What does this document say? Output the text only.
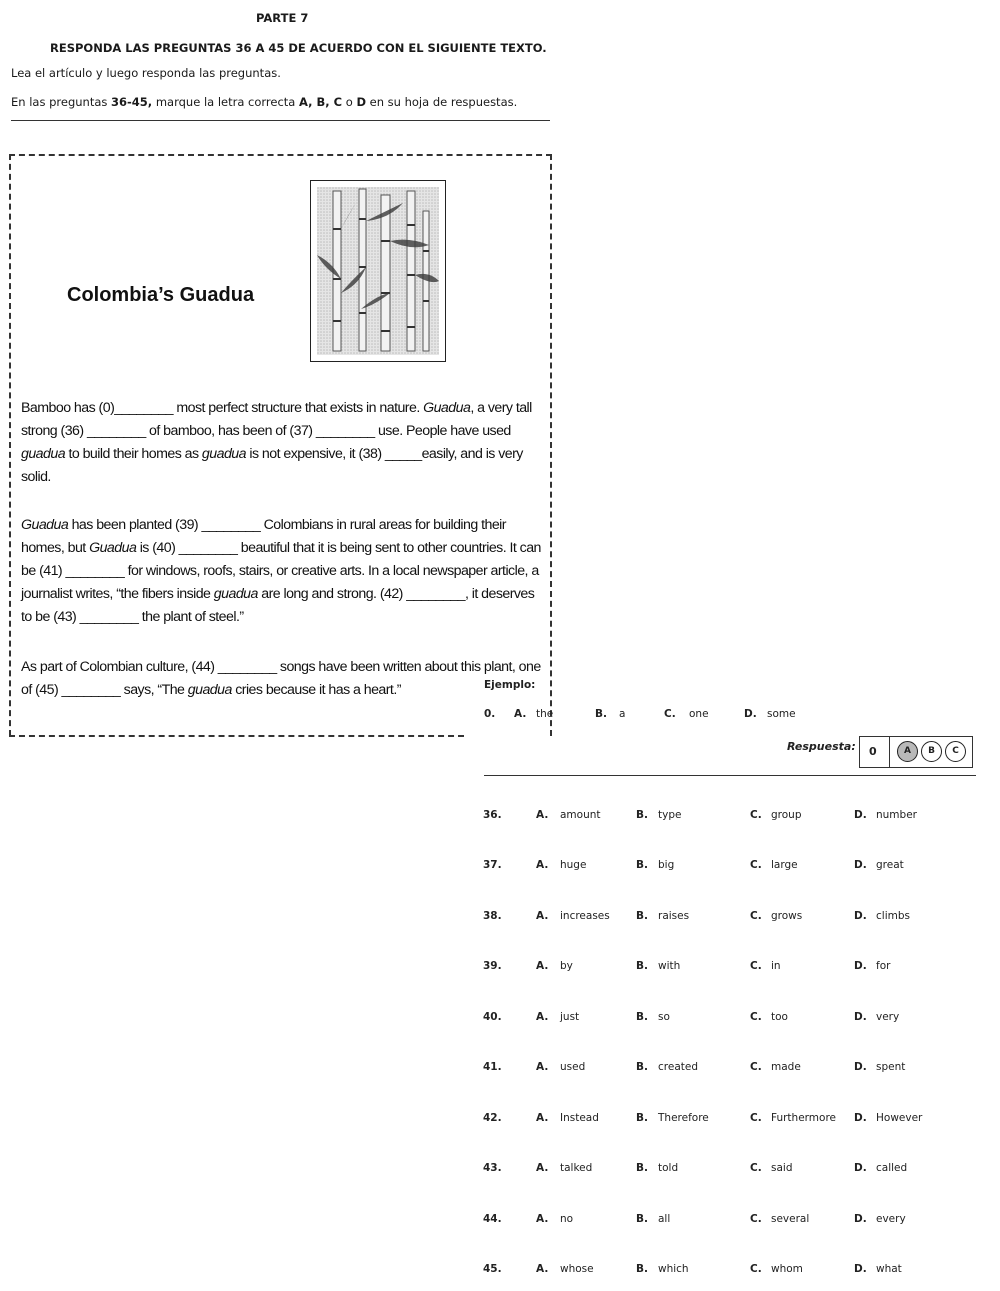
PARTE 7
RESPONDA LAS PREGUNTAS 36 A 45 DE ACUERDO CON EL SIGUIENTE TEXTO.
Lea el artículo y luego responda las preguntas.
En las preguntas 36-45, marque la letra correcta A, B, C o D en su hoja de respuestas.
Colombia’s Guadua
Bamboo has (0)________ most perfect structure that exists in nature. Guadua, a very tall strong (36) ________ of bamboo, has been of (37) ________ use. People have used guadua to build their homes as guadua is not expensive, it (38) _____easily, and is very solid.
Guadua has been planted (39) ________ Colombians in rural areas for building their homes, but Guadua is (40) ________ beautiful that it is being sent to other countries. It can be (41) ________ for windows, roofs, stairs, or creative arts. In a local newspaper article, a journalist writes, “the fibers inside guadua are long and strong. (42) ________, it deserves to be (43) ________ the plant of steel.”
As part of Colombian culture, (44) ________ songs have been written about this plant, one of (45) ________ says, “The guadua cries because it has a heart.”	Ejemplo:
0. A. the	B. a	C. one	D. some
Respuesta: 0	A	B	C
36.	A. amount	B. type	C. group	D. number
37.	A. huge	B. big	C. large	D. great
38.	A. increases	B. raises	C. grows	D. climbs
39.	A. by	B. with	C. in	D. for
40.	A. just	B. so	C. too	D. very
41.	A. used	B. created	C. made	D. spent
42.	A. Instead	B. Therefore	C. Furthermore D. However
43.	A. talked	B. told	C. said	D. called
44.	A. no	B. all	C. several	D. every
45.	A. whose	B. which	C. whom	D. what
